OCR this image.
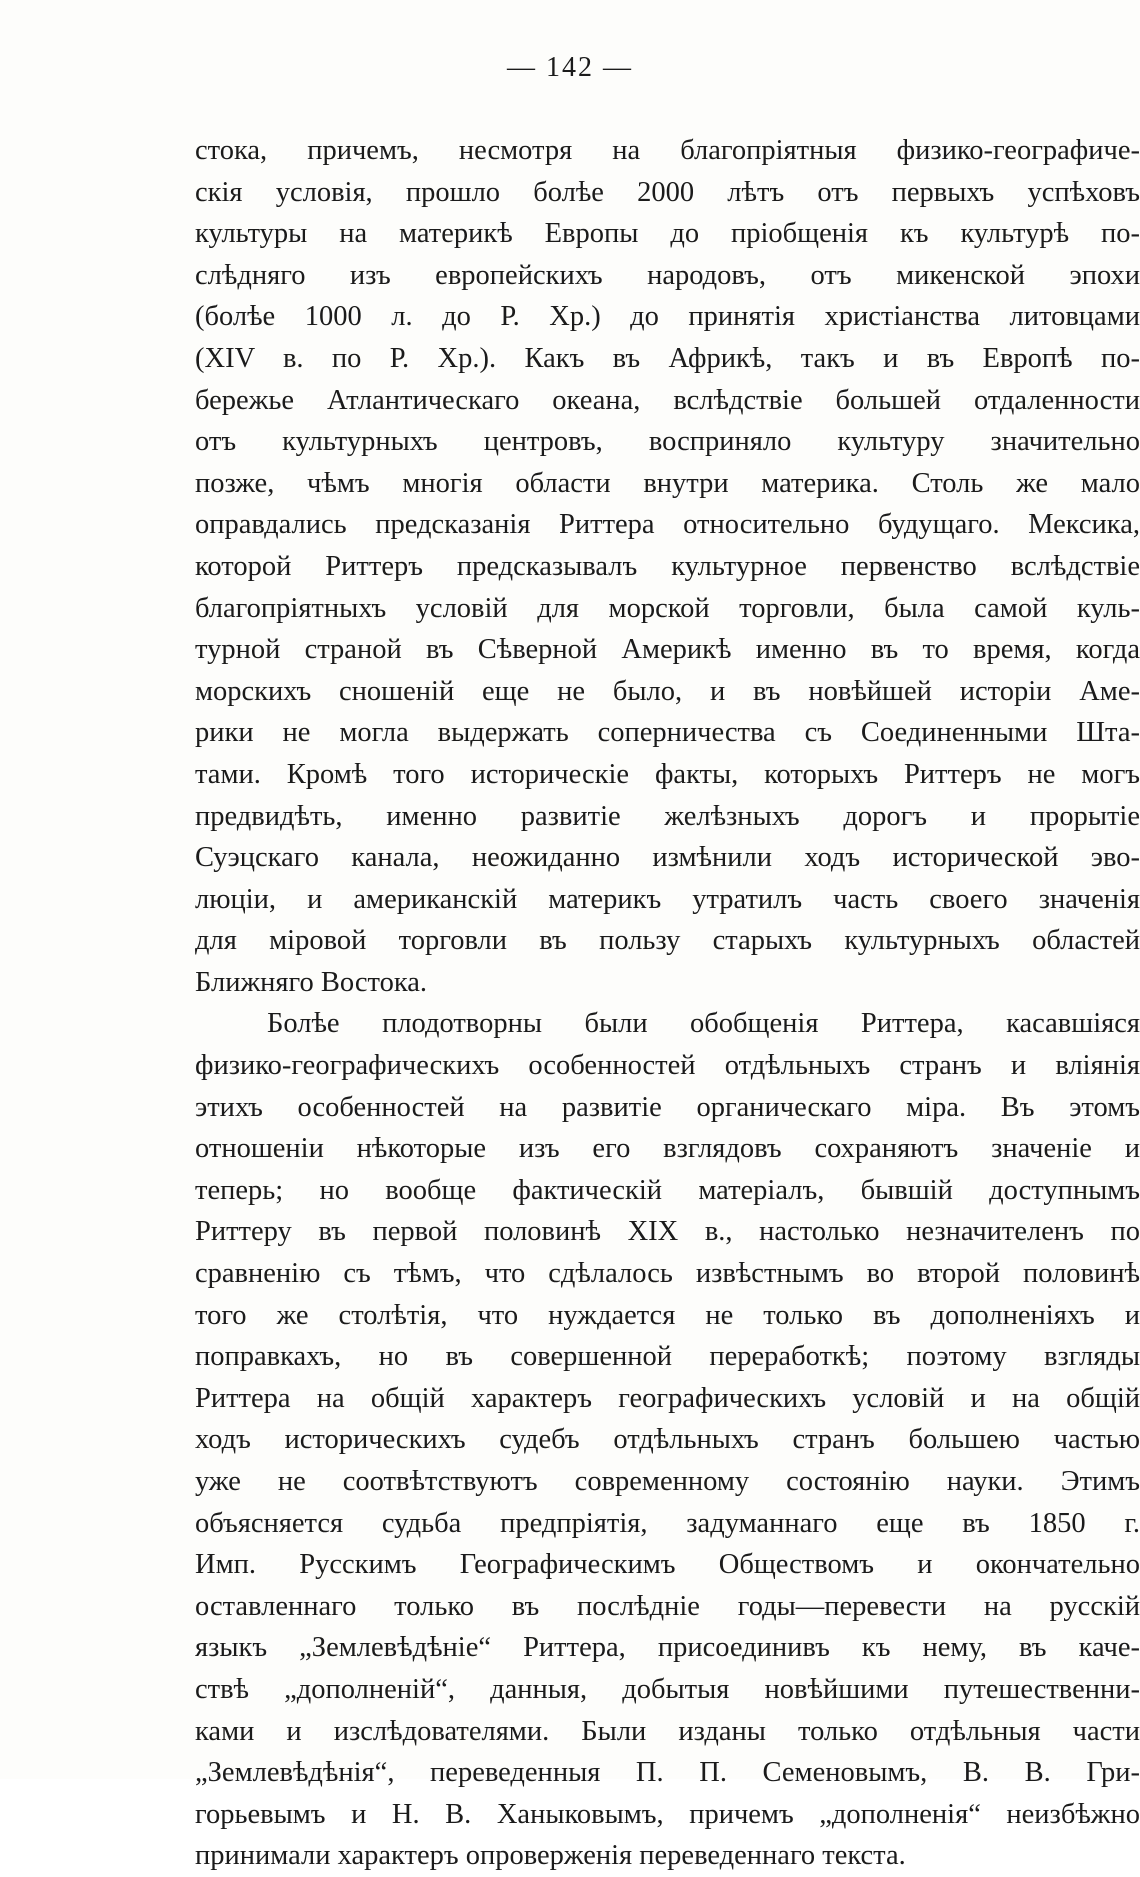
— 142 —
стока, причемъ, несмотря на благопріятныя физико-географиче-
скія условія, прошло болѣе 2000 лѣтъ отъ первыхъ успѣховъ
культуры на материкѣ Европы до пріобщенія къ культурѣ по-
слѣдняго изъ европейскихъ народовъ, отъ микенской эпохи
(болѣе 1000 л. до Р. Хр.) до принятія христіанства литовцами
(XIV в. по Р. Хр.). Какъ въ Африкѣ, такъ и въ Европѣ по-
бережье Атлантическаго океана, вслѣдствіе большей отдаленности
отъ культурныхъ центровъ, восприняло культуру значительно
позже, чѣмъ многія области внутри материка. Столь же мало
оправдались предсказанія Риттера относительно будущаго. Мексика,
которой Риттеръ предсказывалъ культурное первенство вслѣдствіе
благопріятныхъ условій для морской торговли, была самой куль-
турной страной въ Сѣверной Америкѣ именно въ то время, когда
морскихъ сношеній еще не было, и въ новѣйшей исторіи Аме-
рики не могла выдержать соперничества съ Соединенными Шта-
тами. Кромѣ того историческіе факты, которыхъ Риттеръ не могъ
предвидѣть, именно развитіе желѣзныхъ дорогъ и прорытіе
Суэцскаго канала, неожиданно измѣнили ходъ исторической эво-
люціи, и американскій материкъ утратилъ часть своего значенія
для міровой торговли въ пользу старыхъ культурныхъ областей
Ближняго Востока.
Болѣе плодотворны были обобщенія Риттера, касавшіяся
физико-географическихъ особенностей отдѣльныхъ странъ и вліянія
этихъ особенностей на развитіе органическаго міра. Въ этомъ
отношеніи нѣкоторые изъ его взглядовъ сохраняютъ значеніе и
теперь; но вообще фактическій матеріалъ, бывшій доступнымъ
Риттеру въ первой половинѣ XIX в., настолько незначителенъ по
сравненію съ тѣмъ, что сдѣлалось извѣстнымъ во второй половинѣ
того же столѣтія, что нуждается не только въ дополненіяхъ и
поправкахъ, но въ совершенной переработкѣ; поэтому взгляды
Риттера на общій характеръ географическихъ условій и на общій
ходъ историческихъ судебъ отдѣльныхъ странъ большею частью
уже не соотвѣтствуютъ современному состоянію науки. Этимъ
объясняется судьба предпріятія, задуманнаго еще въ 1850 г.
Имп. Русскимъ Географическимъ Обществомъ и окончательно
оставленнаго только въ послѣдніе годы—перевести на русскій
языкъ „Землевѣдѣніе“ Риттера, присоединивъ къ нему, въ каче-
ствѣ „дополненій“, данныя, добытыя новѣйшими путешественни-
ками и изслѣдователями. Были изданы только отдѣльныя части
„Землевѣдѣнія“, переведенныя П. П. Семеновымъ, В. В. Гри-
горьевымъ и Н. В. Ханыковымъ, причемъ „дополненія“ неизбѣжно
принимали характеръ опроверженія переведеннаго текста.
